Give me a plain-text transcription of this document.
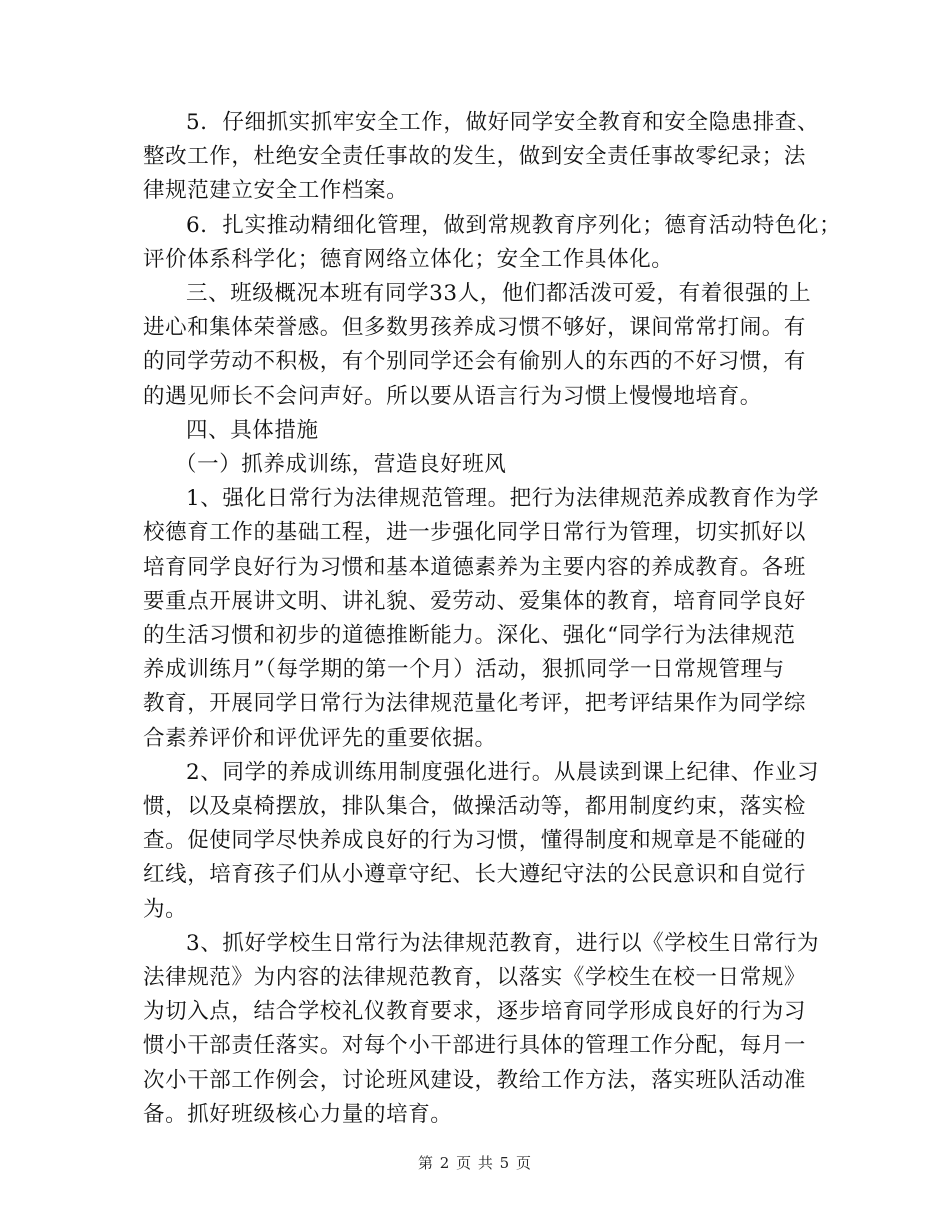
5．仔细抓实抓牢安全工作，做好同学安全教育和安全隐患排查、
整改工作，杜绝安全责任事故的发生，做到安全责任事故零纪录；法
律规范建立安全工作档案。
6．扎实推动精细化管理，做到常规教育序列化；德育活动特色化；
评价体系科学化；德育网络立体化；安全工作具体化。
三、班级概况本班有同学33人，他们都活泼可爱，有着很强的上
进心和集体荣誉感。但多数男孩养成习惯不够好，课间常常打闹。有
的同学劳动不积极，有个别同学还会有偷别人的东西的不好习惯，有
的遇见师长不会问声好。所以要从语言行为习惯上慢慢地培育。
四、具体措施
（一）抓养成训练，营造良好班风
1、强化日常行为法律规范管理。把行为法律规范养成教育作为学
校德育工作的基础工程，进一步强化同学日常行为管理，切实抓好以
培育同学良好行为习惯和基本道德素养为主要内容的养成教育。各班
要重点开展讲文明、讲礼貌、爱劳动、爱集体的教育，培育同学良好
的生活习惯和初步的道德推断能力。深化、强化“同学行为法律规范
养成训练月”（每学期的第一个月）活动，狠抓同学一日常规管理与
教育，开展同学日常行为法律规范量化考评，把考评结果作为同学综
合素养评价和评优评先的重要依据。
2、同学的养成训练用制度强化进行。从晨读到课上纪律、作业习
惯，以及桌椅摆放，排队集合，做操活动等，都用制度约束，落实检
查。促使同学尽快养成良好的行为习惯，懂得制度和规章是不能碰的
红线，培育孩子们从小遵章守纪、长大遵纪守法的公民意识和自觉行
为。
3、抓好学校生日常行为法律规范教育，进行以《学校生日常行为
法律规范》为内容的法律规范教育，以落实《学校生在校一日常规》
为切入点，结合学校礼仪教育要求，逐步培育同学形成良好的行为习
惯小干部责任落实。对每个小干部进行具体的管理工作分配，每月一
次小干部工作例会，讨论班风建设，教给工作方法，落实班队活动准
备。抓好班级核心力量的培育。
第 2 页 共 5 页
